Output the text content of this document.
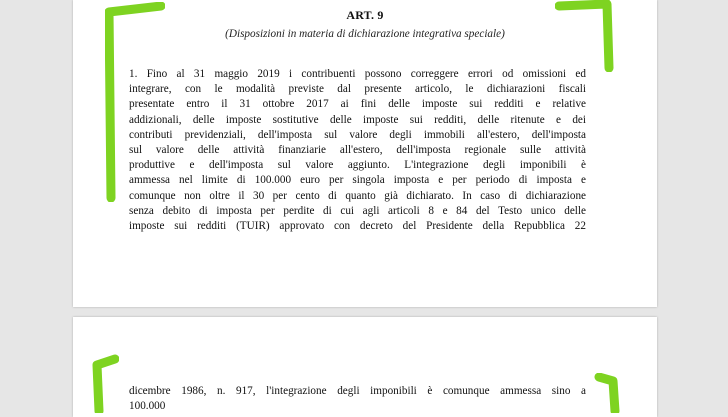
ART. 9
(Disposizioni in materia di dichiarazione integrativa speciale)
1. Fino al 31 maggio 2019 i contribuenti possono correggere errori od omissioni ed
integrare, con le modalità previste dal presente articolo, le dichiarazioni fiscali
presentate entro il 31 ottobre 2017 ai fini delle imposte sui redditi e relative
addizionali, delle imposte sostitutive delle imposte sui redditi, delle ritenute e dei
contributi previdenziali, dell'imposta sul valore degli immobili all'estero, dell'imposta
sul valore delle attività finanziarie all'estero, dell'imposta regionale sulle attività
produttive e dell'imposta sul valore aggiunto. L'integrazione degli imponibili è
ammessa nel limite di 100.000 euro per singola imposta e per periodo di imposta e
comunque non oltre il 30 per cento di quanto già dichiarato. In caso di dichiarazione
senza debito di imposta per perdite di cui agli articoli 8 e 84 del Testo unico delle
imposte sui redditi (TUIR) approvato con decreto del Presidente della Repubblica 22
dicembre 1986, n. 917, l'integrazione degli imponibili è comunque ammessa sino a
100.000
